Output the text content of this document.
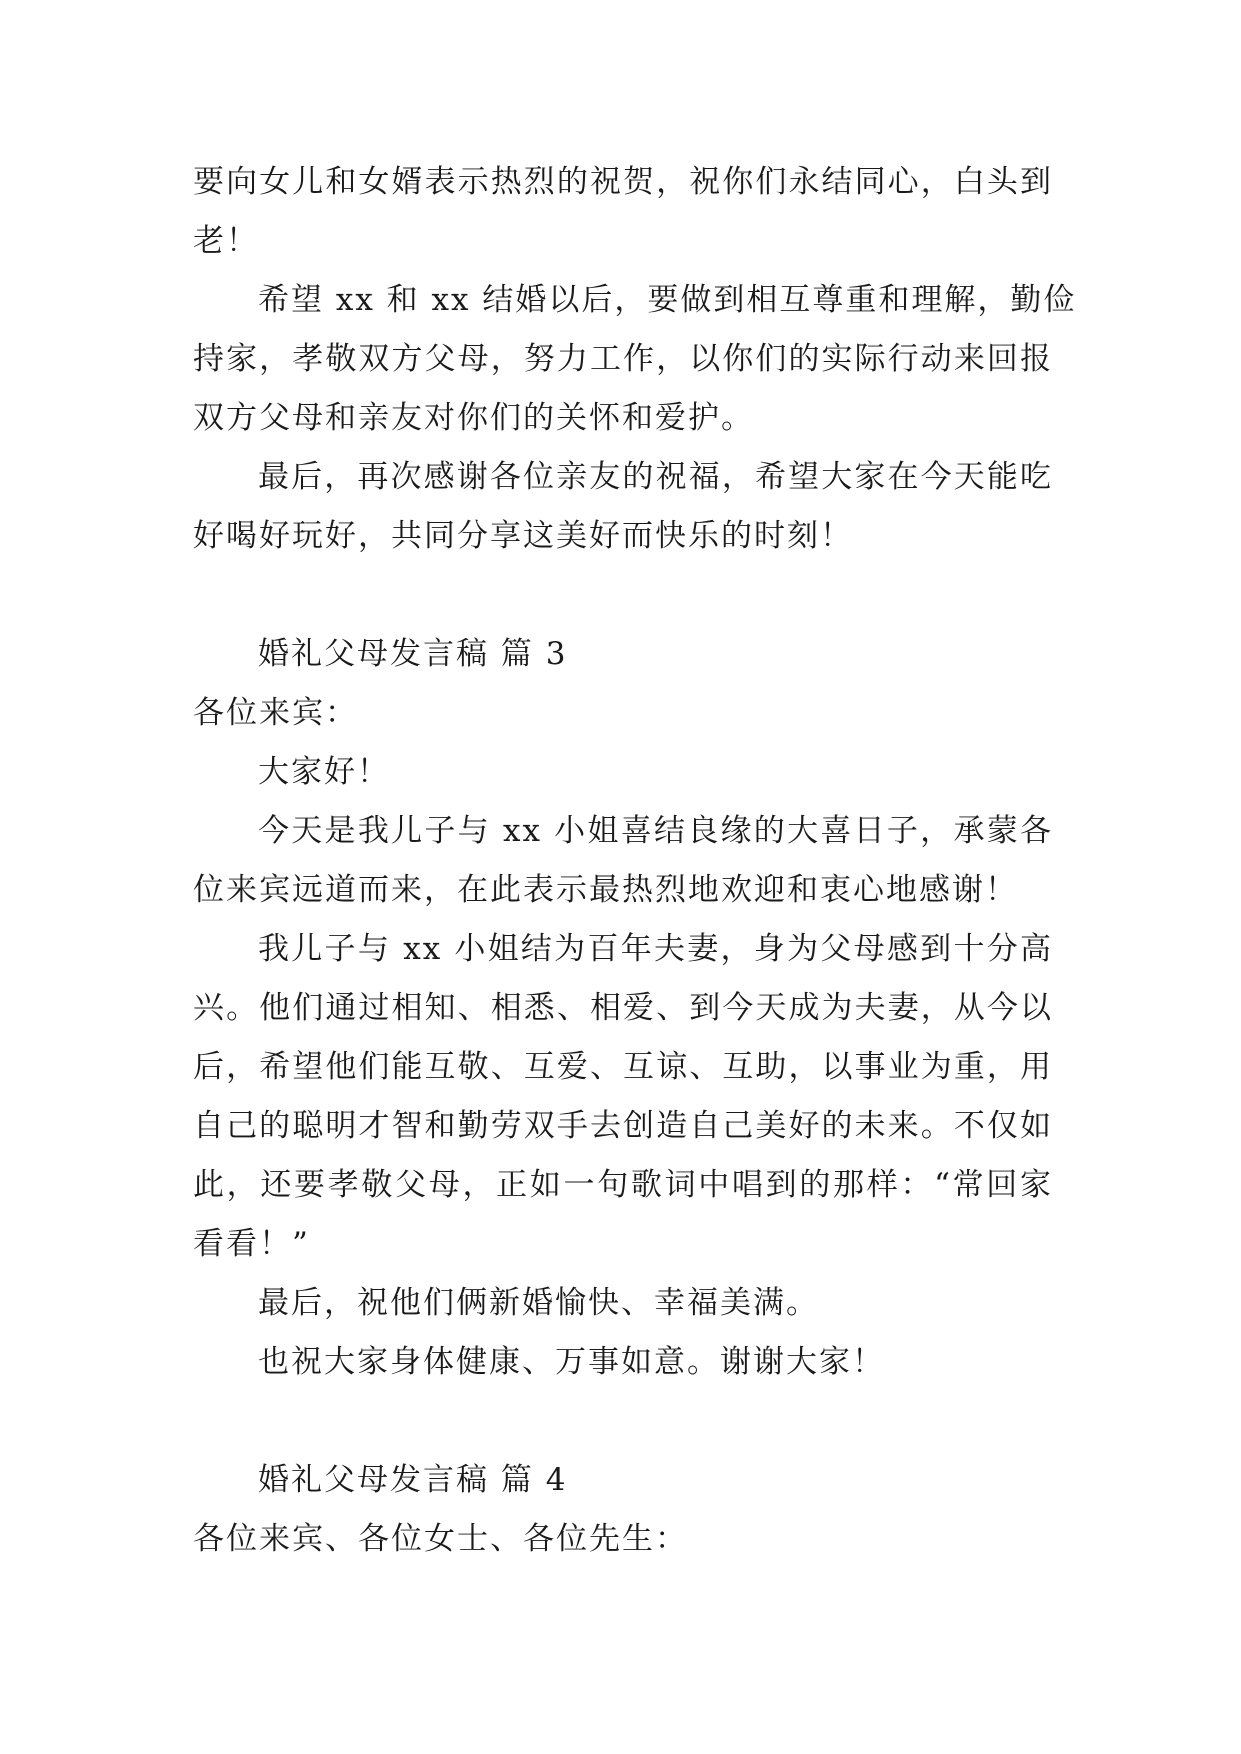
要向女儿和女婿表示热烈的祝贺，祝你们永结同心，白头到
老！
希望 xx 和 xx 结婚以后，要做到相互尊重和理解，勤俭
持家，孝敬双方父母，努力工作，以你们的实际行动来回报
双方父母和亲友对你们的关怀和爱护。
最后，再次感谢各位亲友的祝福，希望大家在今天能吃
好喝好玩好，共同分享这美好而快乐的时刻！
婚礼父母发言稿 篇 3
各位来宾：
大家好！
今天是我儿子与 xx 小姐喜结良缘的大喜日子，承蒙各
位来宾远道而来，在此表示最热烈地欢迎和衷心地感谢！
我儿子与 xx 小姐结为百年夫妻，身为父母感到十分高
兴。他们通过相知、相悉、相爱、到今天成为夫妻，从今以
后，希望他们能互敬、互爱、互谅、互助，以事业为重，用
自己的聪明才智和勤劳双手去创造自己美好的未来。不仅如
此，还要孝敬父母，正如一句歌词中唱到的那样：“常回家
看看！”
最后，祝他们俩新婚愉快、幸福美满。
也祝大家身体健康、万事如意。谢谢大家！
婚礼父母发言稿 篇 4
各位来宾、各位女士、各位先生：
